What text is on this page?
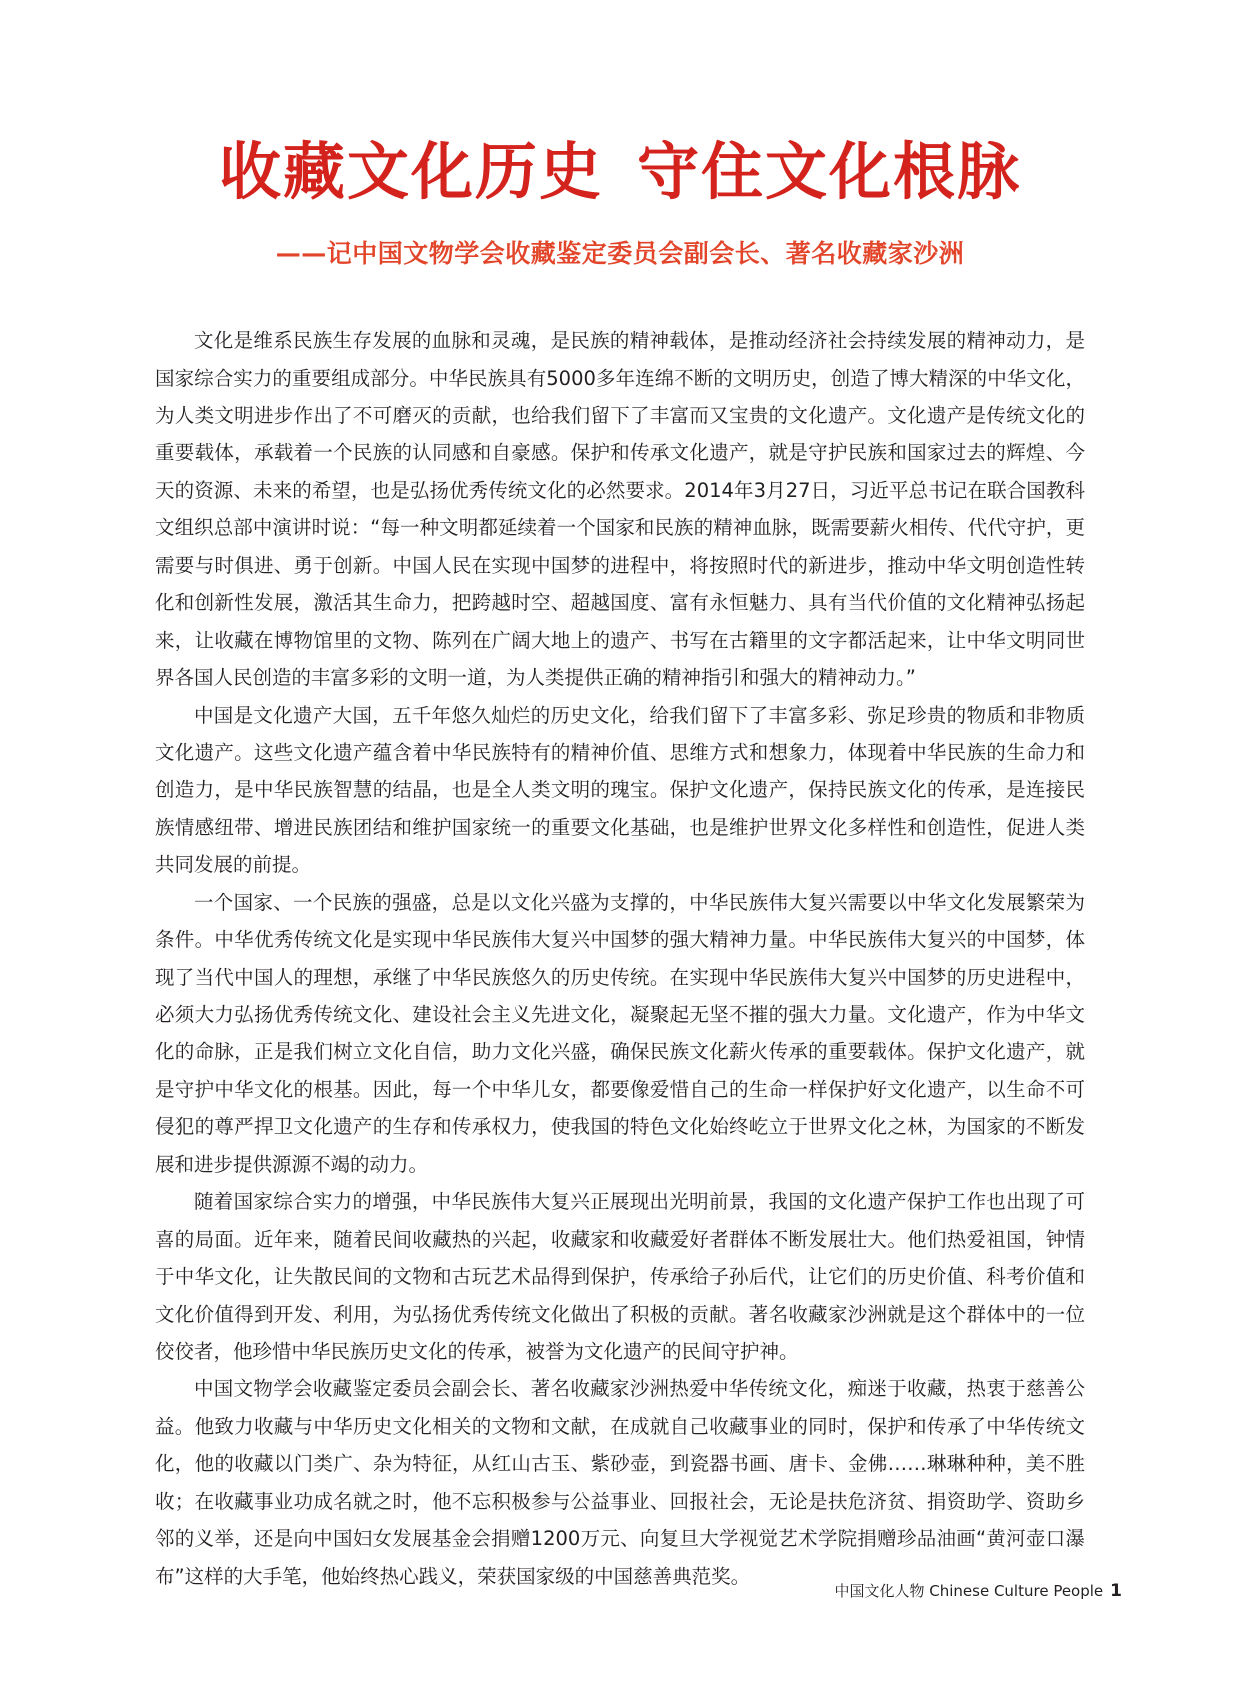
收藏文化历史 守住文化根脉
——记中国文物学会收藏鉴定委员会副会长、著名收藏家沙洲

文化是维系民族生存发展的血脉和灵魂，是民族的精神载体，是推动经济社会持续发展的精神动力，是国家综合实力的重要组成部分。中华民族具有5000多年连绵不断的文明历史，创造了博大精深的中华文化，为人类文明进步作出了不可磨灭的贡献，也给我们留下了丰富而又宝贵的文化遗产。文化遗产是传统文化的重要载体，承载着一个民族的认同感和自豪感。保护和传承文化遗产，就是守护民族和国家过去的辉煌、今天的资源、未来的希望，也是弘扬优秀传统文化的必然要求。2014年3月27日，习近平总书记在联合国教科文组织总部中演讲时说：“每一种文明都延续着一个国家和民族的精神血脉，既需要薪火相传、代代守护，更需要与时俱进、勇于创新。中国人民在实现中国梦的进程中，将按照时代的新进步，推动中华文明创造性转化和创新性发展，激活其生命力，把跨越时空、超越国度、富有永恒魅力、具有当代价值的文化精神弘扬起来，让收藏在博物馆里的文物、陈列在广阔大地上的遗产、书写在古籍里的文字都活起来，让中华文明同世界各国人民创造的丰富多彩的文明一道，为人类提供正确的精神指引和强大的精神动力。”

中国是文化遗产大国，五千年悠久灿烂的历史文化，给我们留下了丰富多彩、弥足珍贵的物质和非物质文化遗产。这些文化遗产蕴含着中华民族特有的精神价值、思维方式和想象力，体现着中华民族的生命力和创造力，是中华民族智慧的结晶，也是全人类文明的瑰宝。保护文化遗产，保持民族文化的传承，是连接民族情感纽带、增进民族团结和维护国家统一的重要文化基础，也是维护世界文化多样性和创造性，促进人类共同发展的前提。

一个国家、一个民族的强盛，总是以文化兴盛为支撑的，中华民族伟大复兴需要以中华文化发展繁荣为条件。中华优秀传统文化是实现中华民族伟大复兴中国梦的强大精神力量。中华民族伟大复兴的中国梦，体现了当代中国人的理想，承继了中华民族悠久的历史传统。在实现中华民族伟大复兴中国梦的历史进程中，必须大力弘扬优秀传统文化、建设社会主义先进文化，凝聚起无坚不摧的强大力量。文化遗产，作为中华文化的命脉，正是我们树立文化自信，助力文化兴盛，确保民族文化薪火传承的重要载体。保护文化遗产，就是守护中华文化的根基。因此，每一个中华儿女，都要像爱惜自己的生命一样保护好文化遗产，以生命不可侵犯的尊严捍卫文化遗产的生存和传承权力，使我国的特色文化始终屹立于世界文化之林，为国家的不断发展和进步提供源源不竭的动力。

随着国家综合实力的增强，中华民族伟大复兴正展现出光明前景，我国的文化遗产保护工作也出现了可喜的局面。近年来，随着民间收藏热的兴起，收藏家和收藏爱好者群体不断发展壮大。他们热爱祖国，钟情于中华文化，让失散民间的文物和古玩艺术品得到保护，传承给子孙后代，让它们的历史价值、科考价值和文化价值得到开发、利用，为弘扬优秀传统文化做出了积极的贡献。著名收藏家沙洲就是这个群体中的一位佼佼者，他珍惜中华民族历史文化的传承，被誉为文化遗产的民间守护神。

中国文物学会收藏鉴定委员会副会长、著名收藏家沙洲热爱中华传统文化，痴迷于收藏，热衷于慈善公益。他致力收藏与中华历史文化相关的文物和文献，在成就自己收藏事业的同时，保护和传承了中华传统文化，他的收藏以门类广、杂为特征，从红山古玉、紫砂壶，到瓷器书画、唐卡、金佛……琳琳种种，美不胜收；在收藏事业功成名就之时，他不忘积极参与公益事业、回报社会，无论是扶危济贫、捐资助学、资助乡邻的义举，还是向中国妇女发展基金会捐赠1200万元、向复旦大学视觉艺术学院捐赠珍品油画“黄河壶口瀑布”这样的大手笔，他始终热心践义，荣获国家级的中国慈善典范奖。

中国文化人物 Chinese Culture People 1
